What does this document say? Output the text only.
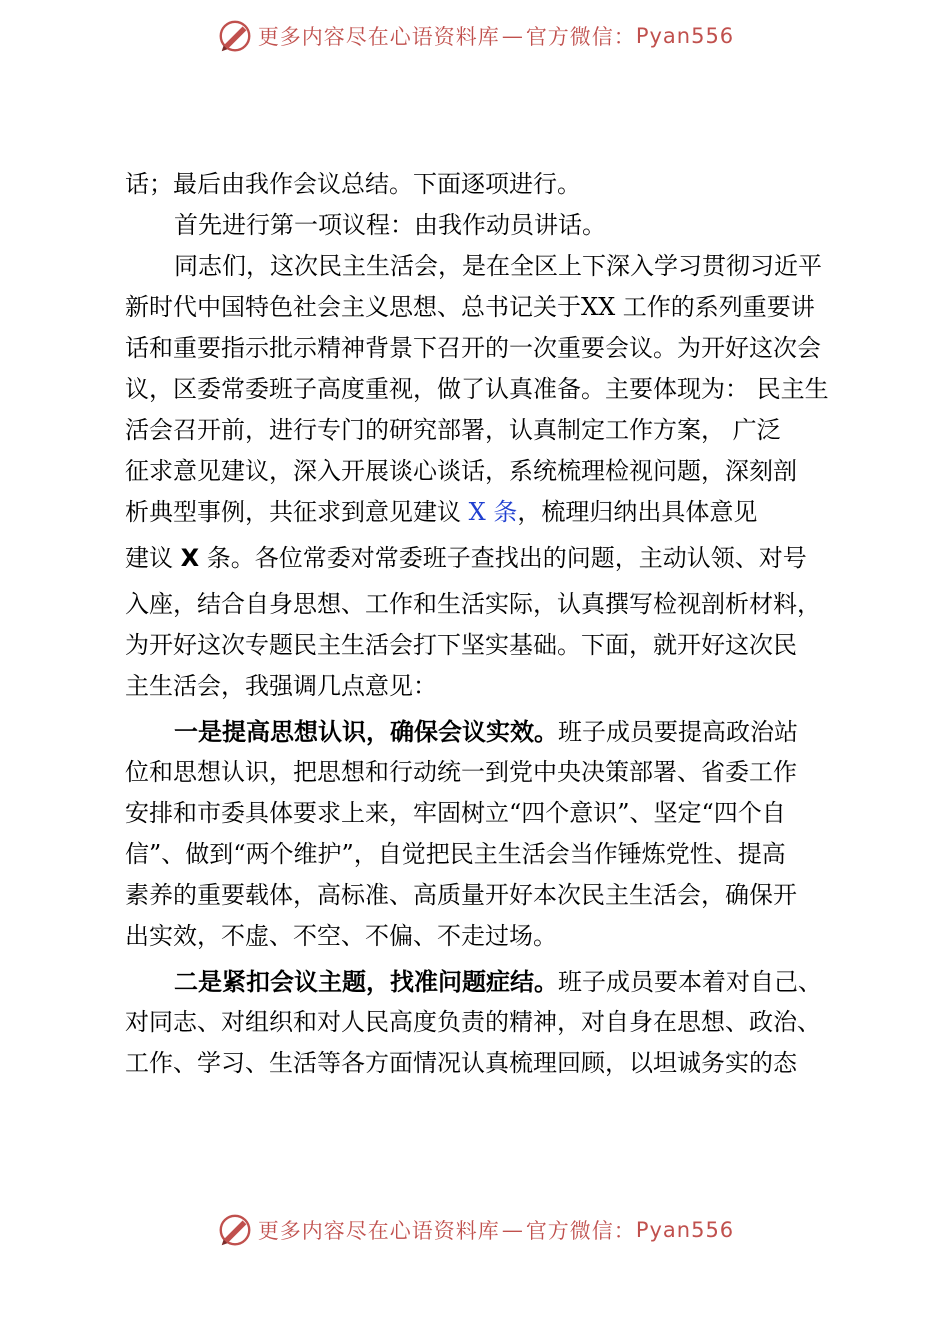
更多内容尽在心语资料库 — 官方微信： Pyan556
话；最后由我作会议总结。下面逐项进行。
首先进行第一项议程：由我作动员讲话。
同志们，这次民主生活会，是在全区上下深入学习贯彻习近平
新时代中国特色社会主义思想、总书记关于XX 工作的系列重要讲
话和重要指示批示精神背景下召开的一次重要会议。为开好这次会
议，区委常委班子高度重视，做了认真准备。主要体现为： 民主生
活会召开前，进行专门的研究部署，认真制定工作方案， 广泛
征求意见建议，深入开展谈心谈话，系统梳理检视问题，深刻剖
析典型事例，共征求到意见建议 X 条，梳理归纳出具体意见
建议 X 条。各位常委对常委班子查找出的问题，主动认领、对号
入座，结合自身思想、工作和生活实际，认真撰写检视剖析材料，
为开好这次专题民主生活会打下坚实基础。下面，就开好这次民
主生活会，我强调几点意见：
一是提高思想认识，确保会议实效。班子成员要提高政治站
位和思想认识，把思想和行动统一到党中央决策部署、省委工作
安排和市委具体要求上来，牢固树立“四个意识”、坚定“四个自
信”、做到“两个维护”，自觉把民主生活会当作锤炼党性、提高
素养的重要载体，高标准、高质量开好本次民主生活会，确保开
出实效，不虚、不空、不偏、不走过场。
二是紧扣会议主题，找准问题症结。班子成员要本着对自己、
对同志、对组织和对人民高度负责的精神，对自身在思想、政治、
工作、学习、生活等各方面情况认真梳理回顾，以坦诚务实的态
更多内容尽在心语资料库 — 官方微信： Pyan556
